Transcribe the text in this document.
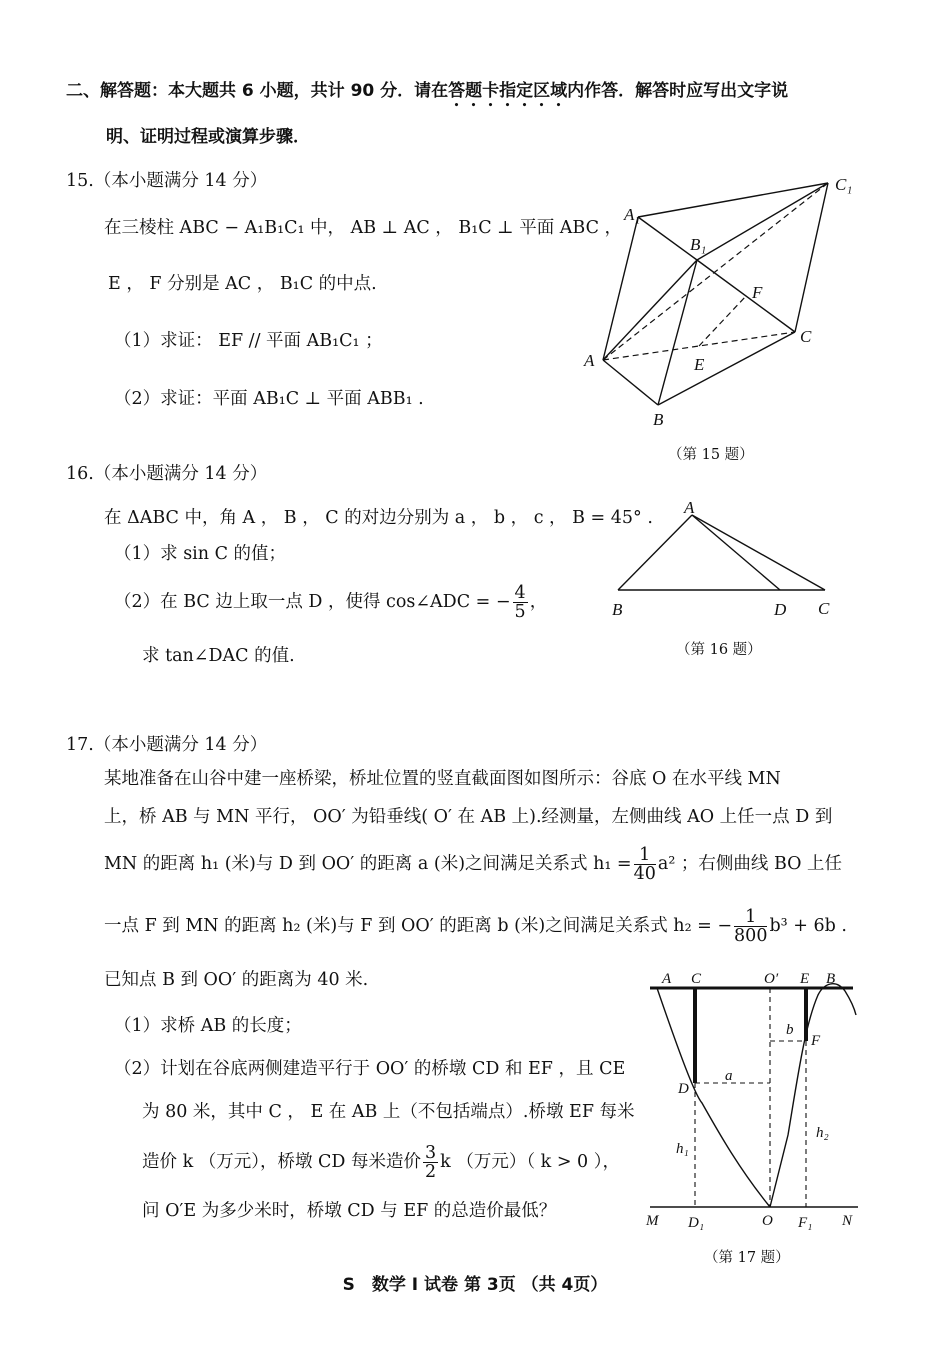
二、解答题：本大题共 6 小题，共计 90 分．请在答题卡指定区域内作答．解答时应写出文字说
明、证明过程或演算步骤．
15.（本小题满分 14 分）
在三棱柱 ABC − A₁B₁C₁ 中， AB ⊥ AC ， B₁C ⊥ 平面 ABC ，
E ， F 分别是 AC ， B₁C 的中点.
（1）求证： EF // 平面 AB₁C₁ ；
（2）求证：平面 AB₁C ⊥ 平面 ABB₁ .
A₁
C₁
B₁
F
A
C
E
B
（第 15 题）
16.（本小题满分 14 分）
在 ΔABC 中，角 A ， B ， C 的对边分别为 a ， b ， c ， B = 45° .
（1）求 sin C 的值；
（2）在 BC 边上取一点 D ，使得 cos∠ADC = − $\frac{4}{5}$ ，
求 tan∠DAC 的值.
A
B	D C
（第 16 题）
17.（本小题满分 14 分）
某地准备在山谷中建一座桥梁，桥址位置的竖直截面图如图所示：谷底 O 在水平线 MN
上，桥 AB 与 MN 平行， OO′ 为铅垂线( O′ 在 AB 上).经测量，左侧曲线 AO 上任一点 D 到
MN 的距离 h₁ (米)与 D 到 OO′ 的距离 a (米)之间满足关系式 $h_1 = \frac{1}{40} a^2$ ；右侧曲线 BO 上任
一点 F 到 MN 的距离 h₂ (米)与 F 到 OO′ 的距离 b (米)之间满足关系式 h₂ = − $\frac{1}{800} b^3 + 6b$ .
已知点 B 到 OO′ 的距离为 40 米.
（1）求桥 AB 的长度；
（2）计划在谷底两侧建造平行于 OO′ 的桥墩 CD 和 EF ，且 CE
为 80 米，其中 C ， E 在 AB 上（不包括端点）.桥墩 EF 每米
造价 k （万元），桥墩 CD 每米造价 $\frac{3}{2}$ k （万元）（ k > 0 ），
问 O′E 为多少米时，桥墩 CD 与 EF 的总造价最低？
A C	O′ E B
b
F
D
a
h₁
h₂
M D₁	O F₁ N
（第 17 题）
S　数学 I 试卷 第 3页 （共 4页）
